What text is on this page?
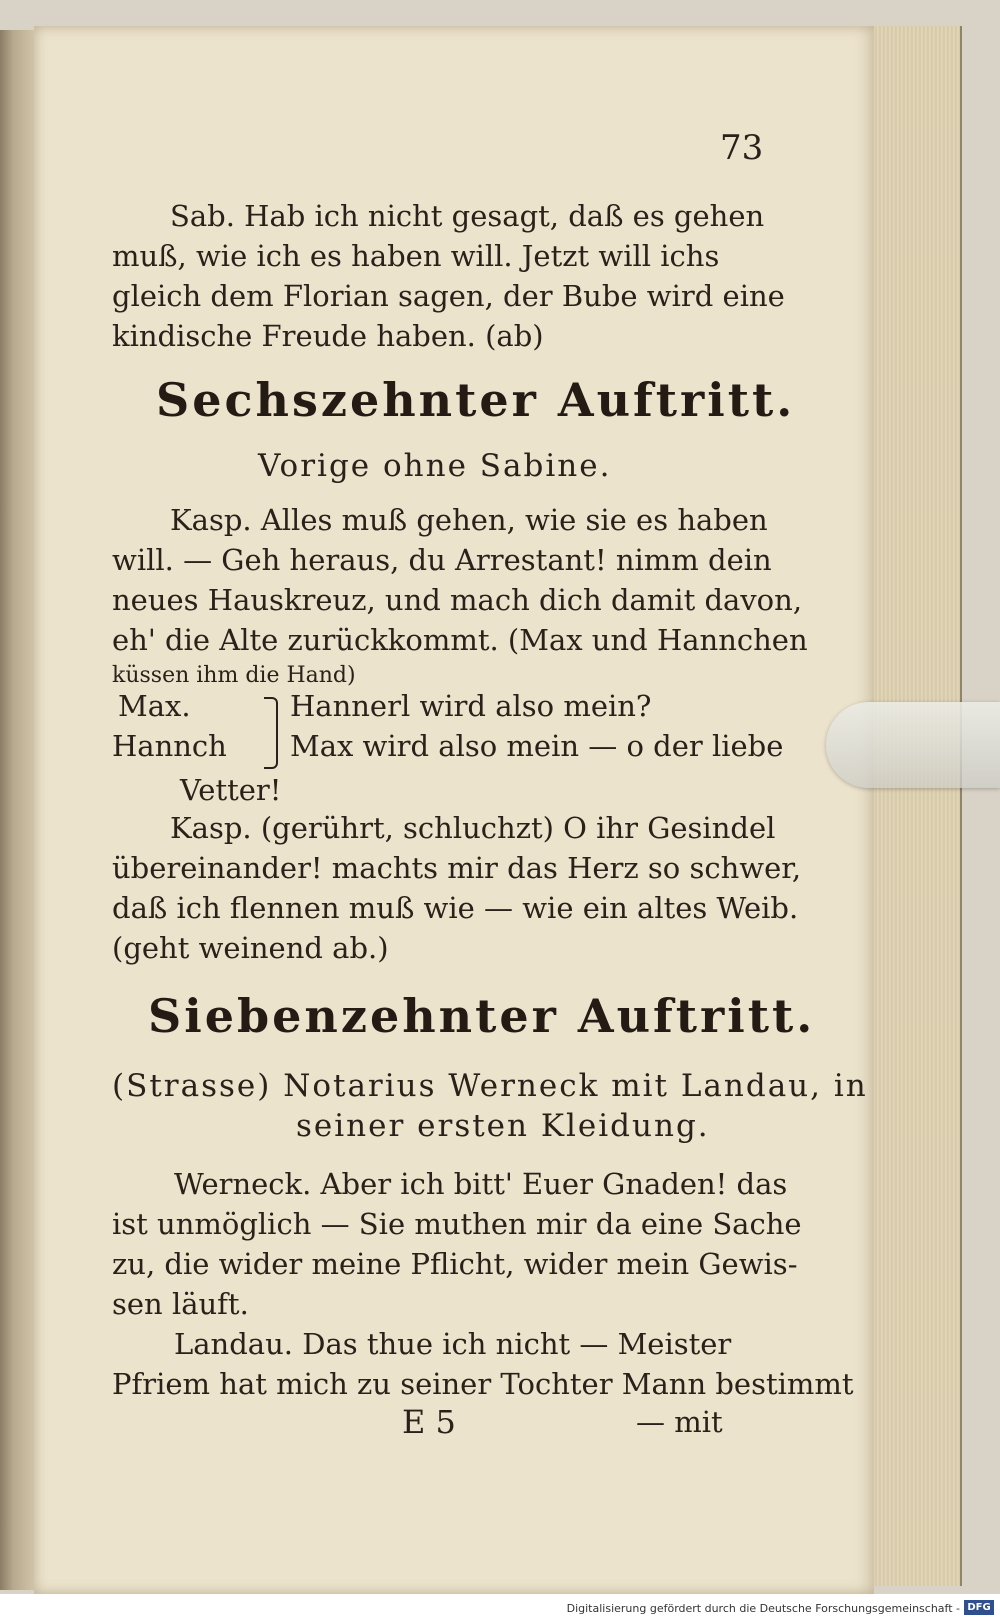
73
Sab. Hab ich nicht gesagt, daß es gehen
muß, wie ich es haben will. Jetzt will ichs
gleich dem Florian sagen, der Bube wird eine
kindische Freude haben. (ab)
Sechszehnter Auftritt.
Vorige ohne Sabine.
Kasp. Alles muß gehen, wie sie es haben
will. — Geh heraus, du Arrestant! nimm dein
neues Hauskreuz, und mach dich damit davon,
eh' die Alte zurückkommt. (Max und Hannchen
küssen ihm die Hand)
Max.
Hannch
Hannerl wird also mein?
Max wird also mein — o der liebe
Vetter!
Kasp. (gerührt, schluchzt) O ihr Gesindel
übereinander! machts mir das Herz so schwer,
daß ich flennen muß wie — wie ein altes Weib.
(geht weinend ab.)
Siebenzehnter Auftritt.
(Strasse) Notarius Werneck mit Landau, in
seiner ersten Kleidung.
Werneck. Aber ich bitt' Euer Gnaden! das
ist unmöglich — Sie muthen mir da eine Sache
zu, die wider meine Pflicht, wider mein Gewis-
sen läuft.
Landau. Das thue ich nicht — Meister
Pfriem hat mich zu seiner Tochter Mann bestimmt
E 5	— mit
Digitalisierung gefördert durch die Deutsche Forschungsgemeinschaft - DFG
